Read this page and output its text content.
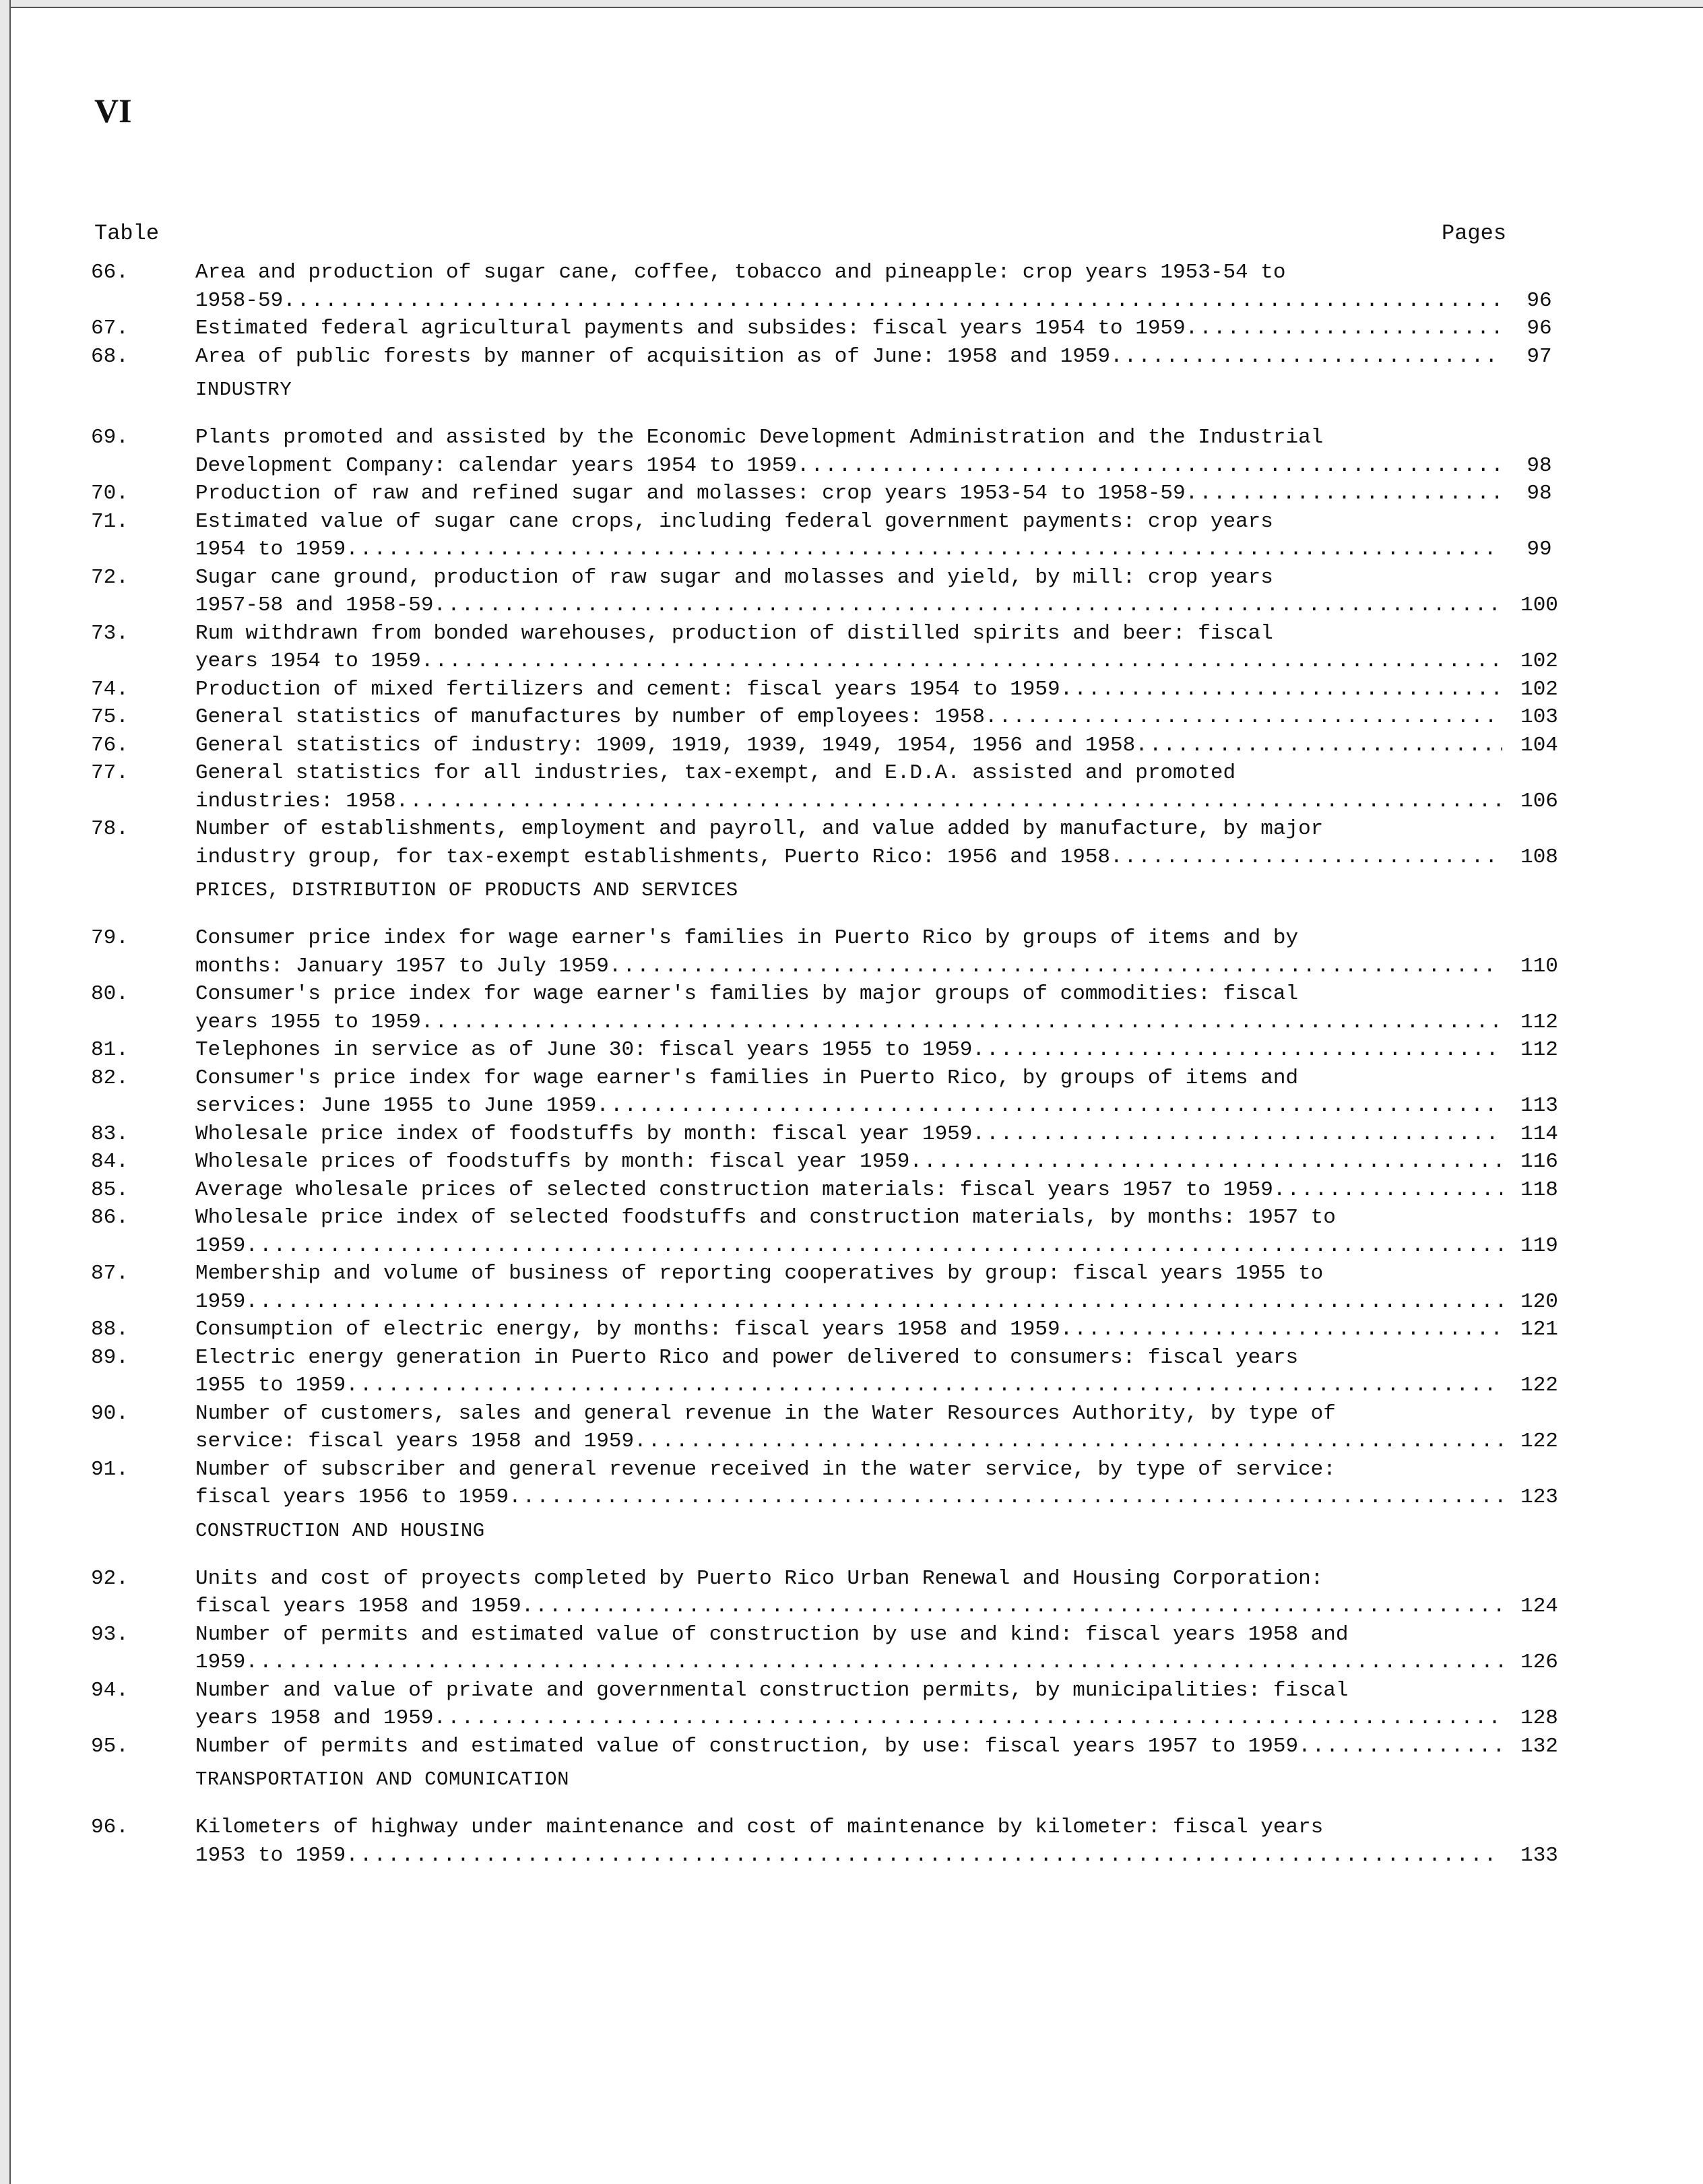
VI
Table	Pages
66.	Area and production of sugar cane, coffee, tobacco and pineapple: crop years 1953-54 to
1958-59 .....	96
67.	Estimated federal agricultural payments and subsides: fiscal years 1954 to 1959 .....	96
68.	Area of public forests by manner of acquisition as of June: 1958 and 1959 .....	97
INDUSTRY
69.	Plants promoted and assisted by the Economic Development Administration and the Industrial
Development Company: calendar years 1954 to 1959 .....	98
70.	Production of raw and refined sugar and molasses: crop years 1953-54 to 1958-59 .....	98
71.	Estimated value of sugar cane crops, including federal government payments: crop years
1954 to 1959 .....	99
72.	Sugar cane ground, production of raw sugar and molasses and yield, by mill: crop years
1957-58 and 1958-59 .....	100
73.	Rum withdrawn from bonded warehouses, production of distilled spirits and beer: fiscal
years 1954 to 1959 .....	102
74.	Production of mixed fertilizers and cement: fiscal years 1954 to 1959 .....	102
75.	General statistics of manufactures by number of employees: 1958 .....	103
76.	General statistics of industry: 1909, 1919, 1939, 1949, 1954, 1956 and 1958 .....	104
77.	General statistics for all industries, tax-exempt, and E.D.A. assisted and promoted
industries: 1958 .....	106
78.	Number of establishments, employment and payroll, and value added by manufacture, by major
industry group, for tax-exempt establishments, Puerto Rico: 1956 and 1958 .....	108
PRICES, DISTRIBUTION OF PRODUCTS AND SERVICES
79.	Consumer price index for wage earner's families in Puerto Rico by groups of items and by
months: January 1957 to July 1959 .....	110
80.	Consumer's price index for wage earner's families by major groups of commodities: fiscal
years 1955 to 1959 .....	112
81.	Telephones in service as of June 30: fiscal years 1955 to 1959 .....	112
82.	Consumer's price index for wage earner's families in Puerto Rico, by groups of items and
services: June 1955 to June 1959 .....	113
83.	Wholesale price index of foodstuffs by month: fiscal year 1959 .....	114
84.	Wholesale prices of foodstuffs by month: fiscal year 1959 .....	116
85.	Average wholesale prices of selected construction materials: fiscal years 1957 to 1959 .....	118
86.	Wholesale price index of selected foodstuffs and construction materials, by months: 1957 to
1959 .....	119
87.	Membership and volume of business of reporting cooperatives by group: fiscal years 1955 to
1959 .....	120
88.	Consumption of electric energy, by months: fiscal years 1958 and 1959 .....	121
89.	Electric energy generation in Puerto Rico and power delivered to consumers: fiscal years
1955 to 1959 .....	122
90.	Number of customers, sales and general revenue in the Water Resources Authority, by type of
service: fiscal years 1958 and 1959 .....	122
91.	Number of subscriber and general revenue received in the water service, by type of service:
fiscal years 1956 to 1959 .....	123
CONSTRUCTION AND HOUSING
92.	Units and cost of proyects completed by Puerto Rico Urban Renewal and Housing Corporation:
fiscal years 1958 and 1959 .....	124
93.	Number of permits and estimated value of construction by use and kind: fiscal years 1958 and
1959 .....	126
94.	Number and value of private and governmental construction permits, by municipalities: fiscal
years 1958 and 1959 .....	128
95.	Number of permits and estimated value of construction, by use: fiscal years 1957 to 1959 .....	132
TRANSPORTATION AND COMUNICATION
96.	Kilometers of highway under maintenance and cost of maintenance by kilometer: fiscal years
1953 to 1959 .....	133
